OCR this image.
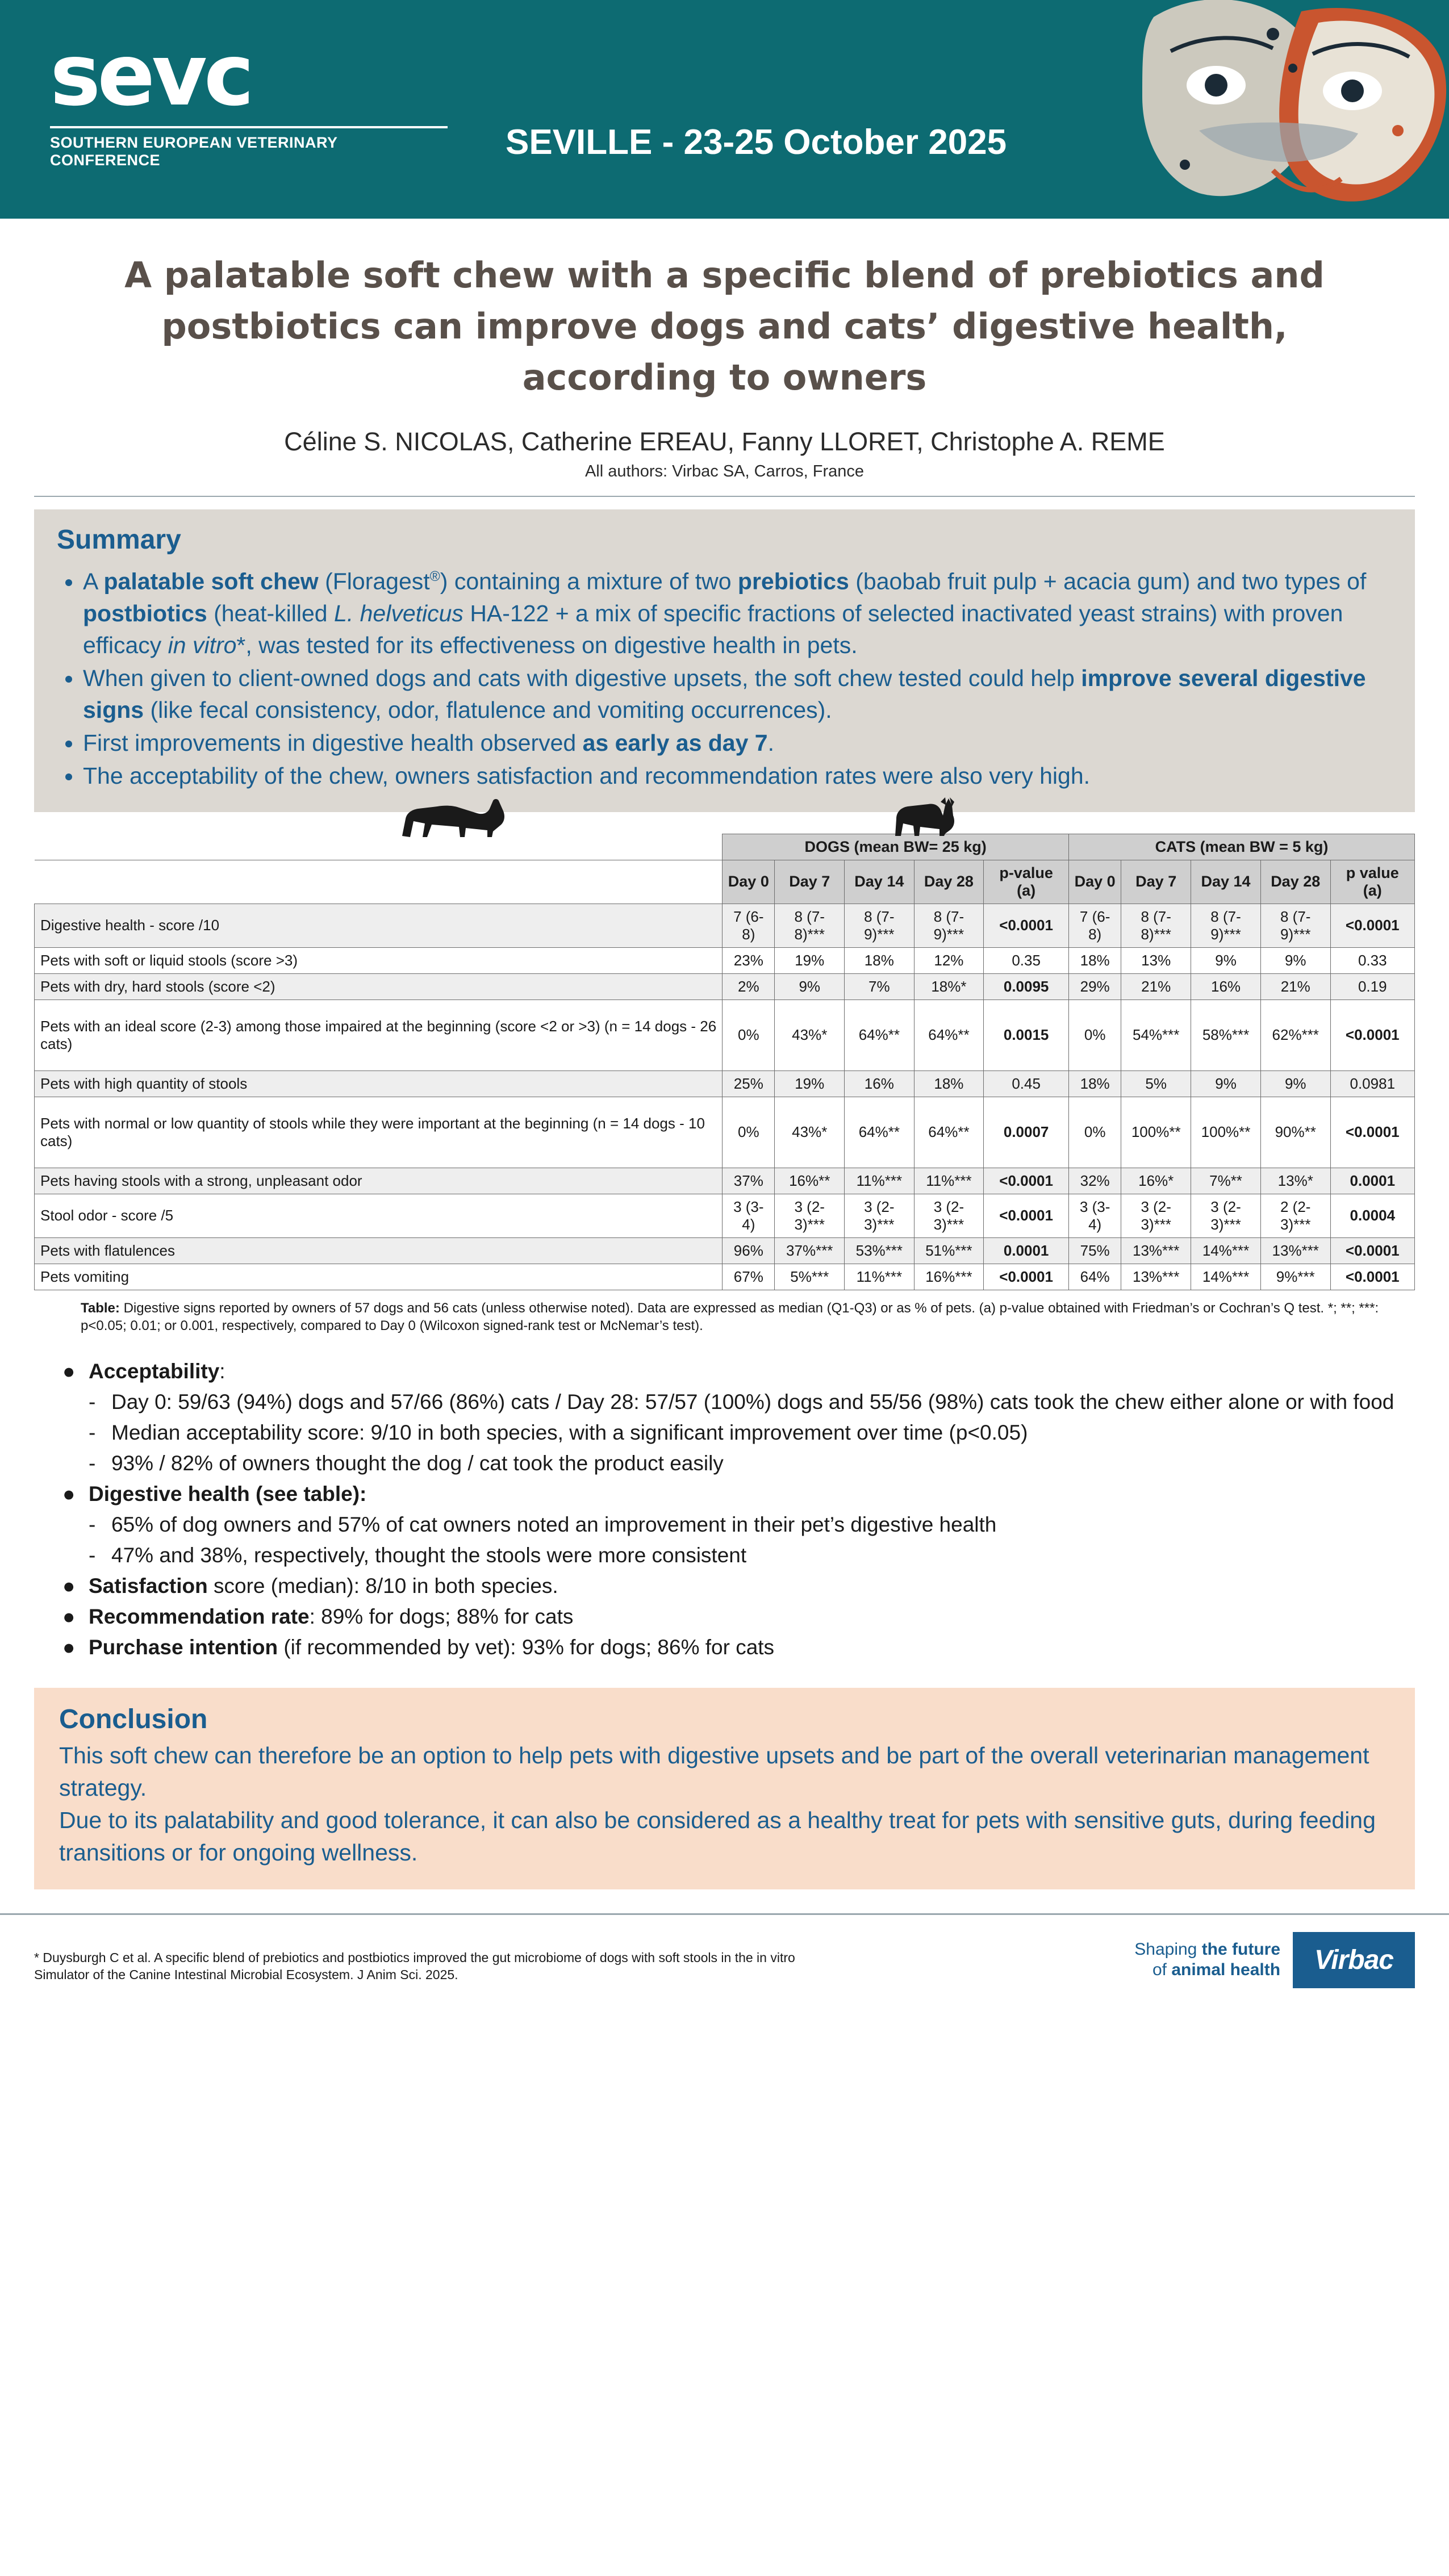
sevc
SOUTHERN EUROPEAN VETERINARY CONFERENCE	SEVILLE - 23-25 October 2025
A palatable soft chew with a specific blend of prebiotics and postbiotics can improve dogs and cats’ digestive health, according to owners
Céline S. NICOLAS, Catherine EREAU, Fanny LLORET, Christophe A. REME
All authors: Virbac SA, Carros, France
Summary
• A palatable soft chew (Floragest®) containing a mixture of two prebiotics (baobab fruit pulp + acacia gum) and two types of postbiotics (heat-killed L. helveticus HA-122 + a mix of specific fractions of selected inactivated yeast strains) with proven efficacy in vitro*, was tested for its effectiveness on digestive health in pets.
• When given to client-owned dogs and cats with digestive upsets, the soft chew tested could help improve several digestive signs (like fecal consistency, odor, flatulence and vomiting occurrences).
• First improvements in digestive health observed as early as day 7.
• The acceptability of the chew, owners satisfaction and recommendation rates were also very high.
	DOGS (mean BW= 25 kg)					CATS (mean BW = 5 kg)				
	Day 0	Day 7	Day 14	Day 28	p-value (a)	Day 0	Day 7	Day 14	Day 28	p value (a)
Digestive health - score /10	7 (6-8)	8 (7-8)***	8 (7-9)***	8 (7-9)***	<0.0001	7 (6-8)	8 (7-8)***	8 (7-9)***	8 (7-9)***	<0.0001
Pets with soft or liquid stools (score >3)	23%	19%	18%	12%	0.35	18%	13%	9%	9%	0.33
Pets with dry, hard stools (score <2)	2%	9%	7%	18%*	0.0095	29%	21%	16%	21%	0.19
Pets with an ideal score (2-3) among those impaired at the beginning (score <2 or >3) (n = 14 dogs - 26 cats)	0%	43%*	64%**	64%**	0.0015	0%	54%***	58%***	62%***	<0.0001
Pets with high quantity of stools	25%	19%	16%	18%	0.45	18%	5%	9%	9%	0.0981
Pets with normal or low quantity of stools while they were important at the beginning (n = 14 dogs - 10 cats)	0%	43%*	64%**	64%**	0.0007	0%	100%**	100%**	90%**	<0.0001
Pets having stools with a strong, unpleasant odor	37%	16%**	11%***	11%***	<0.0001	32%	16%*	7%**	13%*	0.0001
Stool odor - score /5	3 (3-4)	3 (2-3)***	3 (2-3)***	3 (2-3)***	<0.0001	3 (3-4)	3 (2-3)***	3 (2-3)***	2 (2-3)***	0.0004
Pets with flatulences	96%	37%***	53%***	51%***	0.0001	75%	13%***	14%***	13%***	<0.0001
Pets vomiting	67%	5%***	11%***	16%***	<0.0001	64%	13%***	14%***	9%***	<0.0001
Table: Digestive signs reported by owners of 57 dogs and 56 cats (unless otherwise noted). Data are expressed as median (Q1-Q3) or as % of pets. (a) p-value obtained with Friedman’s or Cochran’s Q test. *; **; ***: p<0.05; 0.01; or 0.001, respectively, compared to Day 0 (Wilcoxon signed-rank test or McNemar’s test).
● Acceptability:
- Day 0: 59/63 (94%) dogs and 57/66 (86%) cats / Day 28: 57/57 (100%) dogs and 55/56 (98%) cats took the chew either alone or with food
- Median acceptability score: 9/10 in both species, with a significant improvement over time (p<0.05)
- 93% / 82% of owners thought the dog / cat took the product easily
● Digestive health (see table):
- 65% of dog owners and 57% of cat owners noted an improvement in their pet’s digestive health
- 47% and 38%, respectively, thought the stools were more consistent
● Satisfaction score (median): 8/10 in both species.
● Recommendation rate: 89% for dogs; 88% for cats
● Purchase intention (if recommended by vet): 93% for dogs; 86% for cats
Conclusion

This soft chew can therefore be an option to help pets with digestive upsets and be part of the overall veterinarian management strategy.

Due to its palatability and good tolerance, it can also be considered as a healthy treat for pets with sensitive guts, during feeding transitions or for ongoing wellness.

* Duysburgh C et al. A specific blend of prebiotics and postbiotics improved the gut microbiome of dogs with soft stools in the in vitro Simulator of the Canine Intestinal Microbial Ecosystem. J Anim Sci. 2025.
Shaping the future
of animal health	Virbac
